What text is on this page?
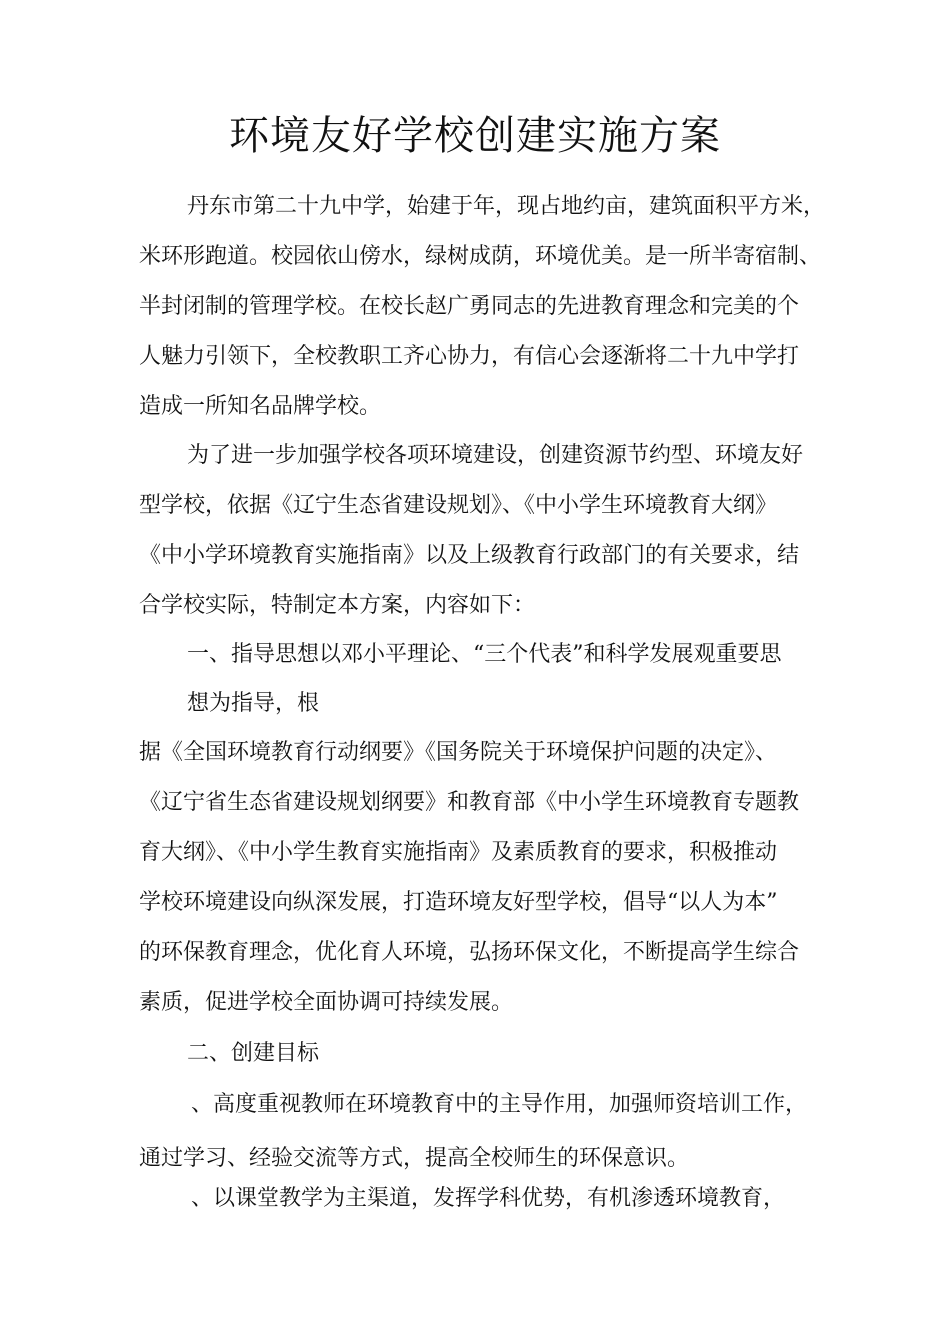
环境友好学校创建实施方案
丹东市第二十九中学，始建于年，现占地约亩，建筑面积平方米，
米环形跑道。校园依山傍水，绿树成荫，环境优美。是一所半寄宿制、
半封闭制的管理学校。在校长赵广勇同志的先进教育理念和完美的个
人魅力引领下，全校教职工齐心协力，有信心会逐渐将二十九中学打
造成一所知名品牌学校。
为了进一步加强学校各项环境建设，创建资源节约型、环境友好
型学校，依据《辽宁生态省建设规划》、《中小学生环境教育大纲》
《中小学环境教育实施指南》以及上级教育行政部门的有关要求，结
合学校实际，特制定本方案，内容如下：
一、指导思想以邓小平理论、“三个代表”和科学发展观重要思
想为指导，根
据《全国环境教育行动纲要》《国务院关于环境保护问题的决定》、
《辽宁省生态省建设规划纲要》和教育部《中小学生环境教育专题教
育大纲》、《中小学生教育实施指南》及素质教育的要求，积极推动
学校环境建设向纵深发展，打造环境友好型学校，倡导“以人为本”
的环保教育理念，优化育人环境，弘扬环保文化，不断提高学生综合
素质，促进学校全面协调可持续发展。
二、创建目标
、高度重视教师在环境教育中的主导作用，加强师资培训工作，
通过学习、经验交流等方式，提高全校师生的环保意识。
、以课堂教学为主渠道，发挥学科优势，有机渗透环境教育，
